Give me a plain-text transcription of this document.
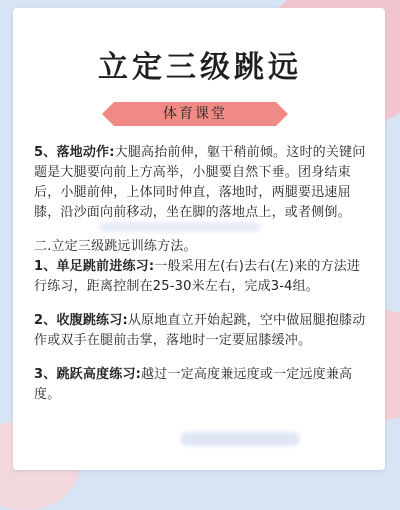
立定三级跳远
体育课堂

5、落地动作:大腿高抬前伸，躯干稍前倾。这时的关键问题是大腿要向前上方高举，小腿要自然下垂。团身结束后，小腿前伸，上体同时伸直，落地时，两腿要迅速屈膝，沿沙面向前移动，坐在脚的落地点上，或者侧倒。

二.立定三级跳远训练方法。

1、单足跳前进练习:一般采用左(右)去右(左)来的方法进行练习，距离控制在25-30米左右，完成3-4组。

2、收腹跳练习:从原地直立开始起跳，空中做屈腿抱膝动作或双手在腿前击掌，落地时一定要屈膝缓冲。

3、跳跃高度练习:越过一定高度兼远度或一定远度兼高度。
